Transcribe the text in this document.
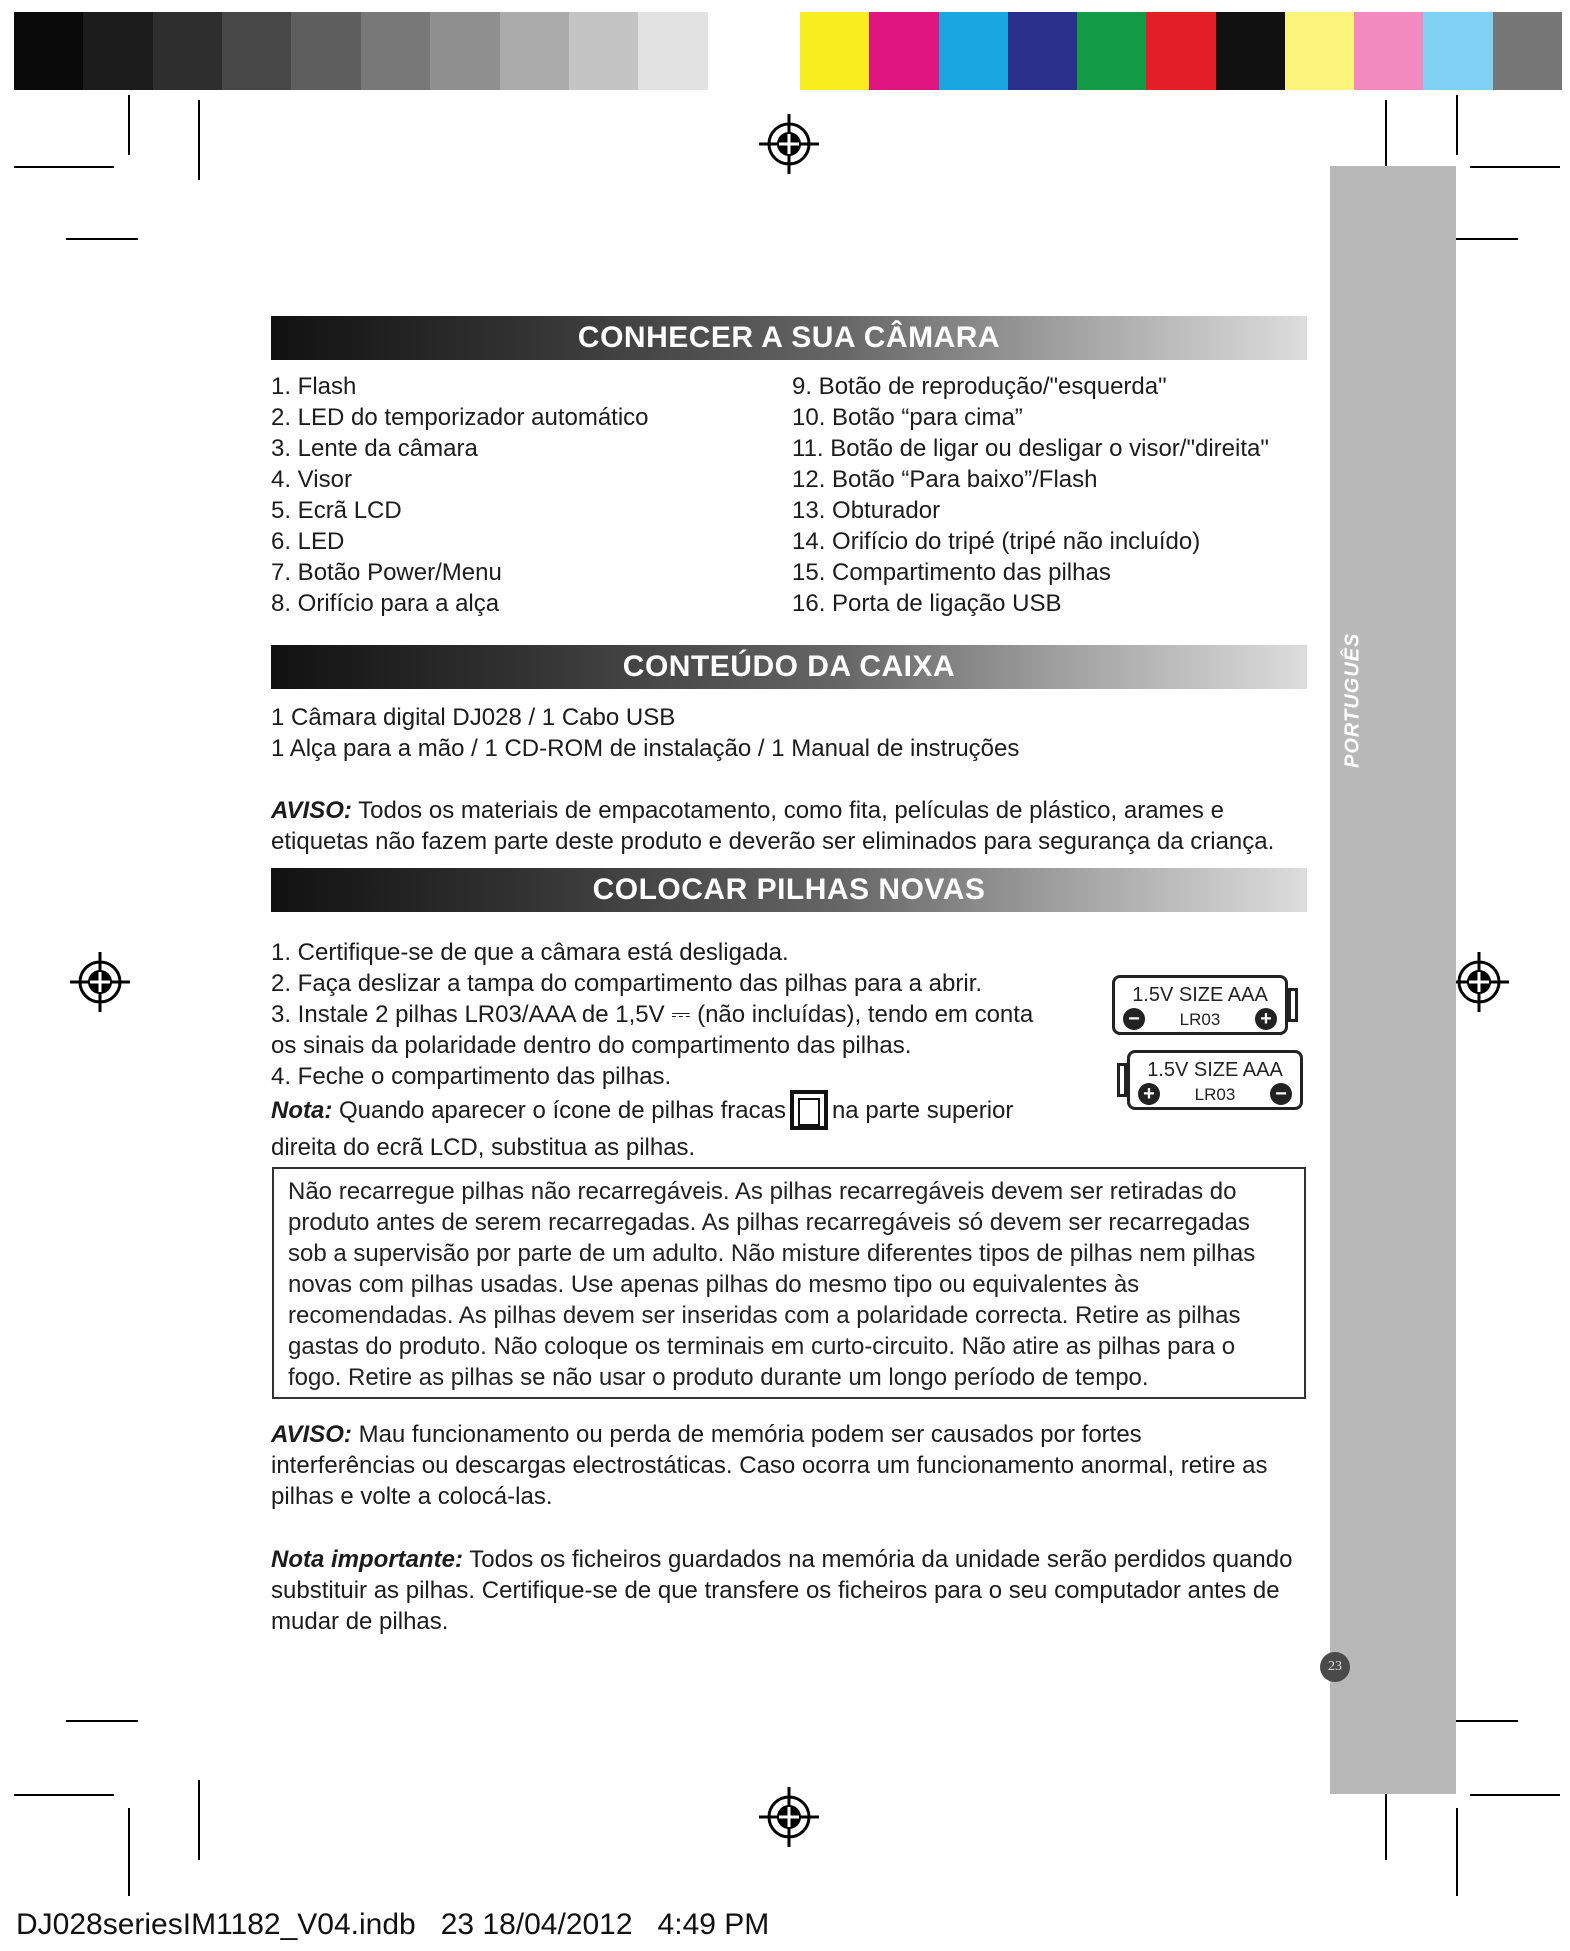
PORTUGUÊS
23
CONHECER A SUA CÂMARA
1. Flash
2. LED do temporizador automático
3. Lente da câmara
4. Visor
5. Ecrã LCD
6. LED
7. Botão Power/Menu
8. Orifício para a alça
9. Botão de reprodução/"esquerda"
10. Botão “para cima”
11. Botão de ligar ou desligar o visor/"direita"
12. Botão “Para baixo”/Flash
13. Obturador
14. Orifício do tripé (tripé não incluído)
15. Compartimento das pilhas
16. Porta de ligação USB
CONTEÚDO DA CAIXA
1 Câmara digital DJ028 / 1 Cabo USB
1 Alça para a mão / 1 CD-ROM de instalação / 1 Manual de instruções

AVISO: Todos os materiais de empacotamento, como fita, películas de plástico, arames e etiquetas não fazem parte deste produto e deverão ser eliminados para segurança da criança.

COLOCAR PILHAS NOVAS
1. Certifique-se de que a câmara está desligada.
2. Faça deslizar a tampa do compartimento das pilhas para a abrir.
3. Instale 2 pilhas LR03/AAA de 1,5V ⎓ (não incluídas), tendo em conta os sinais da polaridade dentro do compartimento das pilhas.
4. Feche o compartimento das pilhas.
Nota: Quando aparecer o ícone de pilhas fracas na parte superior direita do ecrã LCD, substitua as pilhas.
1.5V SIZE AAA
−	LR03	+
1.5V SIZE AAA
+	LR03	−
Não recarregue pilhas não recarregáveis. As pilhas recarregáveis devem ser retiradas do produto antes de serem recarregadas. As pilhas recarregáveis só devem ser recarregadas sob a supervisão por parte de um adulto. Não misture diferentes tipos de pilhas nem pilhas novas com pilhas usadas. Use apenas pilhas do mesmo tipo ou equivalentes às recomendadas. As pilhas devem ser inseridas com a polaridade correcta. Retire as pilhas gastas do produto. Não coloque os terminais em curto-circuito. Não atire as pilhas para o fogo. Retire as pilhas se não usar o produto durante um longo período de tempo.

AVISO: Mau funcionamento ou perda de memória podem ser causados por fortes interferências ou descargas electrostáticas. Caso ocorra um funcionamento anormal, retire as pilhas e volte a colocá-las.

Nota importante: Todos os ficheiros guardados na memória da unidade serão perdidos quando substituir as pilhas. Certifique-se de que transfere os ficheiros para o seu computador antes de mudar de pilhas.

DJ028seriesIM1182_V04.indb   23 18/04/2012   4:49 PM
